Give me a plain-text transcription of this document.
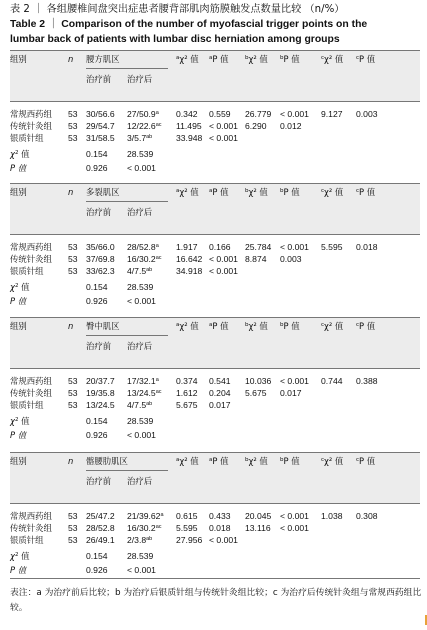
表 2 ｜ 各组腰椎间盘突出症患者腰背部肌肉筋膜触发点数量比较 （n/%）
Table 2 ｜ Comparison of the number of myofascial trigger points on the
lumbar back of patients with lumbar disc herniation among groups
组别	n 腰方肌区	$^a$χ² 值 $^a$P 值	$^b$χ² 值 $^b$P 值	$^c$χ² 值 $^c$P 值
治疗前 治疗后
常规西药组 53 30/56.6 27/50.9$^a$ 0.342 0.559 26.779 < 0.001 9.127 0.003
传统针灸组 53 29/54.7 12/22.6$^{ac}$ 11.495 < 0.001 6.290 0.012
银质针组	53 31/58.5 3/5.7$^{ab}$	33.948 < 0.001
$\chi^2$ 值	0.154 28.539
P 值	0.926 < 0.001
组别	n 多裂肌区	$^a$χ² 值 $^a$P 值	$^b$χ² 值 $^b$P 值	$^c$χ² 值 $^c$P 值
治疗前 治疗后
常规西药组 53 35/66.0 28/52.8$^a$ 1.917 0.166 25.784 < 0.001 5.595 0.018
传统针灸组 53 37/69.8 16/30.2$^{ac}$ 16.642 < 0.001 8.874 0.003
银质针组	53 33/62.3 4/7.5$^{ab}$	34.918 < 0.001
$\chi^2$ 值	0.154 28.539
P 值	0.926 < 0.001
组别	n 臀中肌区	$^a$χ² 值 $^a$P 值	$^b$χ² 值 $^b$P 值	$^c$χ² 值 $^c$P 值
治疗前 治疗后
常规西药组 53 20/37.7 17/32.1$^a$ 0.374 0.541 10.036 < 0.001 0.744 0.388
传统针灸组 53 19/35.8 13/24.5$^{ac}$ 1.612 0.204 5.675 0.017
银质针组	53 13/24.5 4/7.5$^{ab}$	5.675 0.017
$\chi^2$ 值	0.154 28.539
P 值	0.926 < 0.001
组别	n 髂腰肋肌区	$^a$χ² 值 $^a$P 值	$^b$χ² 值 $^b$P 值	$^c$χ² 值 $^c$P 值
治疗前 治疗后
常规西药组 53 25/47.2 21/39.62$^a$ 0.615 0.433 20.045 < 0.001 1.038 0.308
传统针灸组 53 28/52.8 16/30.2$^{ac}$ 5.595 0.018 13.116 < 0.001
银质针组	53 26/49.1 2/3.8$^{ab}$	27.956 < 0.001
$\chi^2$ 值	0.154 28.539
P 值	0.926 < 0.001
表注：a 为治疗前后比较；b 为治疗后银质针组与传统针灸组比较；c 为治疗后传统针灸组与常规西药组比较。
